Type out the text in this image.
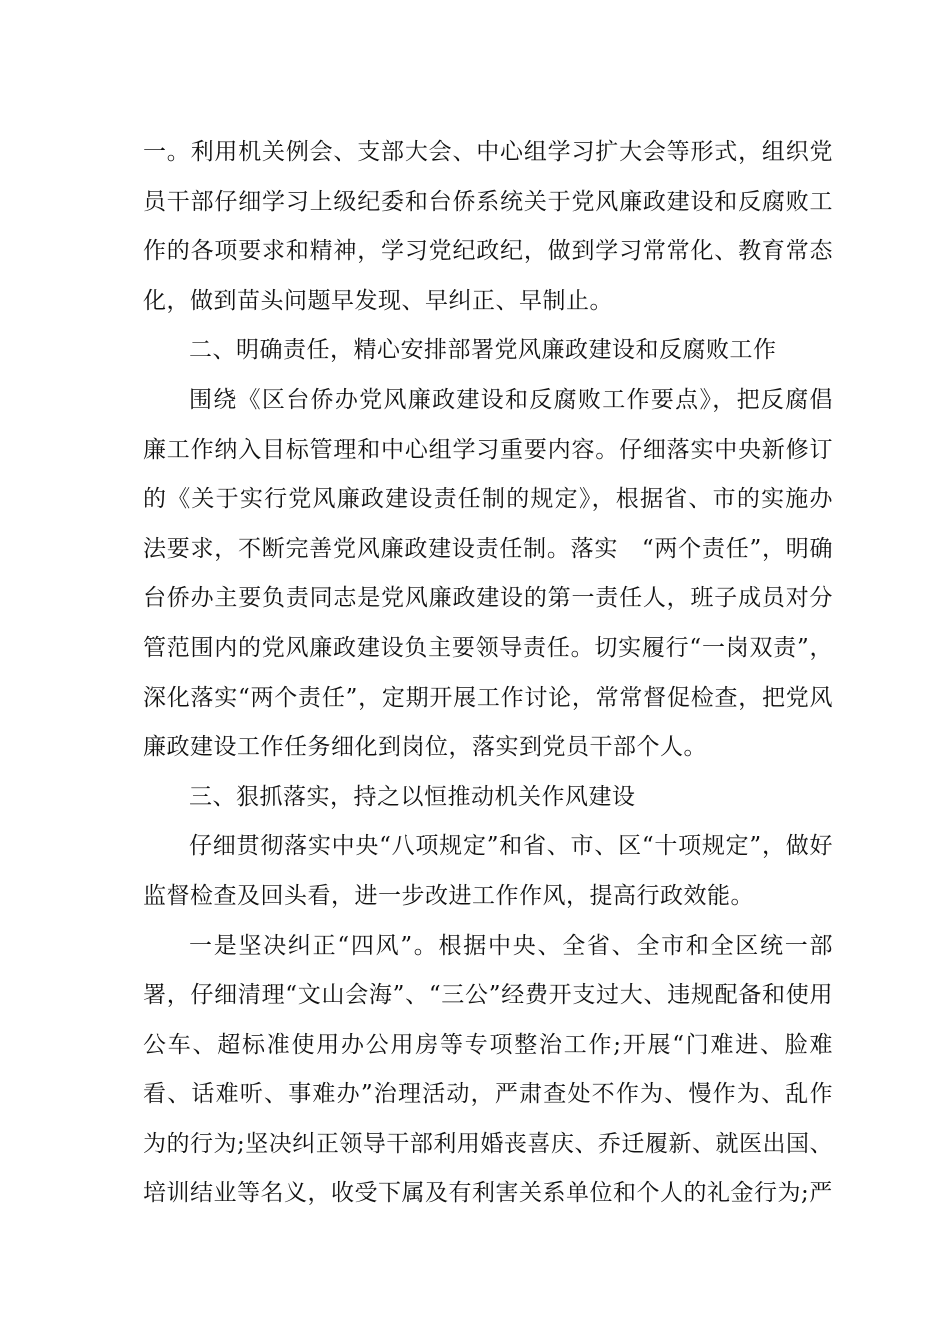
一。利用机关例会、支部大会、中心组学习扩大会等形式，组织党员干部仔细学习上级纪委和台侨系统关于党风廉政建设和反腐败工作的各项要求和精神，学习党纪政纪，做到学习常常化、教育常态化，做到苗头问题早发现、早纠正、早制止。

二、明确责任，精心安排部署党风廉政建设和反腐败工作

围绕《区台侨办党风廉政建设和反腐败工作要点》，把反腐倡廉工作纳入目标管理和中心组学习重要内容。仔细落实中央新修订的《关于实行党风廉政建设责任制的规定》，根据省、市的实施办法要求，不断完善党风廉政建设责任制。落实　“两个责任”，明确台侨办主要负责同志是党风廉政建设的第一责任人，班子成员对分管范围内的党风廉政建设负主要领导责任。切实履行“一岗双责”，深化落实“两个责任”，定期开展工作讨论，常常督促检查，把党风廉政建设工作任务细化到岗位，落实到党员干部个人。

三、狠抓落实，持之以恒推动机关作风建设

仔细贯彻落实中央“八项规定”和省、市、区“十项规定”，做好监督检查及回头看，进一步改进工作作风，提高行政效能。

一是坚决纠正“四风”。根据中央、全省、全市和全区统一部署，仔细清理“文山会海”、“三公”经费开支过大、违规配备和使用公车、超标准使用办公用房等专项整治工作;开展“门难进、脸难看、话难听、事难办”治理活动，严肃查处不作为、慢作为、乱作为的行为;坚决纠正领导干部利用婚丧喜庆、乔迁履新、就医出国、培训结业等名义，收受下属及有利害关系单位和个人的礼金行为;严
